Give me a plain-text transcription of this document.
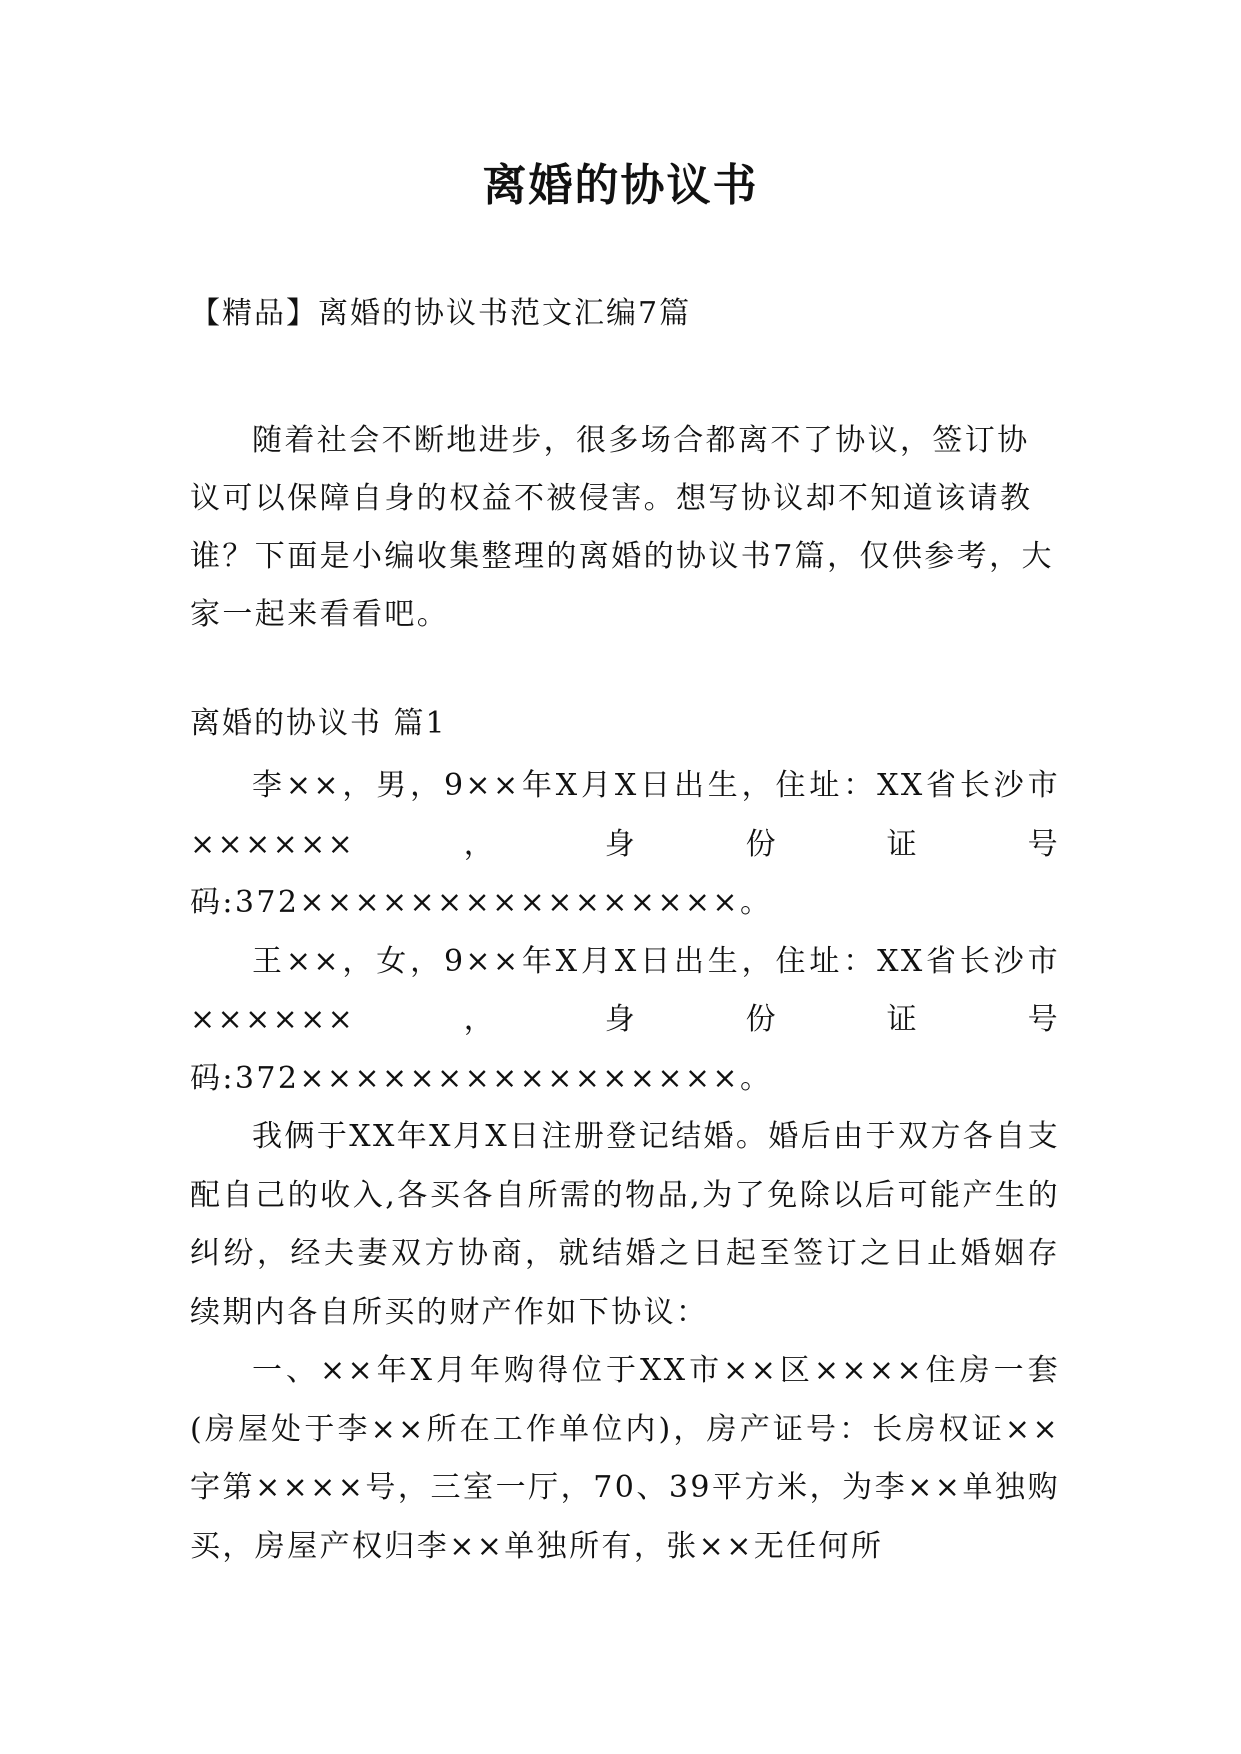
离婚的协议书
【精品】离婚的协议书范文汇编7篇

随着社会不断地进步，很多场合都离不了协议，签订协议可以保障自身的权益不被侵害。想写协议却不知道该请教谁？下面是小编收集整理的离婚的协议书7篇，仅供参考，大家一起来看看吧。

离婚的协议书 篇1

李××，男，9××年X月X日出生，住址：XX省长沙市××××××，身份证号码:372××××××××××××××××。

王××，女，9××年X月X日出生，住址：XX省长沙市××××××，身份证号码:372××××××××××××××××。

我俩于XX年X月X日注册登记结婚。婚后由于双方各自支配自己的收入,各买各自所需的物品,为了免除以后可能产生的纠纷，经夫妻双方协商，就结婚之日起至签订之日止婚姻存续期内各自所买的财产作如下协议：

一、××年X月年购得位于XX市××区××××住房一套(房屋处于李××所在工作单位内)，房产证号：长房权证××字第××××号，三室一厅，70、39平方米，为李××单独购买，房屋产权归李××单独所有，张××无任何所
